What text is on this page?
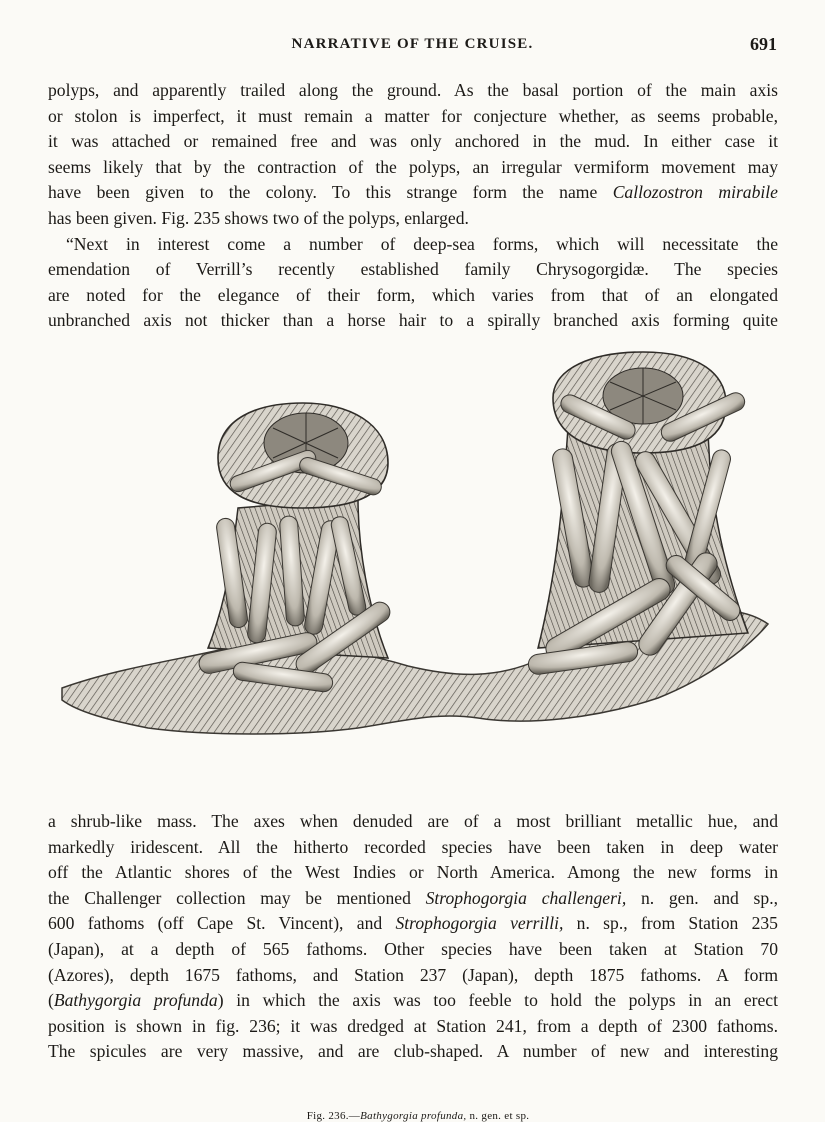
NARRATIVE OF THE CRUISE.	691
polyps, and apparently trailed along the ground. As the basal portion of the main axis
or stolon is imperfect, it must remain a matter for conjecture whether, as seems probable,
it was attached or remained free and was only anchored in the mud. In either case it
seems likely that by the contraction of the polyps, an irregular vermiform movement may
have been given to the colony. To this strange form the name Callozostron mirabile
has been given. Fig. 235 shows two of the polyps, enlarged.
“Next in interest come a number of deep-sea forms, which will necessitate the
emendation of Verrill’s recently established family Chrysogorgidæ. The species
are noted for the elegance of their form, which varies from that of an elongated
unbranched axis not thicker than a horse hair to a spirally branched axis forming quite
Fig. 236.—Bathygorgia profunda, n. gen. et sp.
a shrub-like mass. The axes when denuded are of a most brilliant metallic hue, and
markedly iridescent. All the hitherto recorded species have been taken in deep water
off the Atlantic shores of the West Indies or North America. Among the new forms in
the Challenger collection may be mentioned Strophogorgia challengeri, n. gen. and sp.,
600 fathoms (off Cape St. Vincent), and Strophogorgia verrilli, n. sp., from Station 235
(Japan), at a depth of 565 fathoms. Other species have been taken at Station 70
(Azores), depth 1675 fathoms, and Station 237 (Japan), depth 1875 fathoms. A form
(Bathygorgia profunda) in which the axis was too feeble to hold the polyps in an erect
position is shown in fig. 236; it was dredged at Station 241, from a depth of 2300 fathoms.
The spicules are very massive, and are club-shaped. A number of new and interesting
